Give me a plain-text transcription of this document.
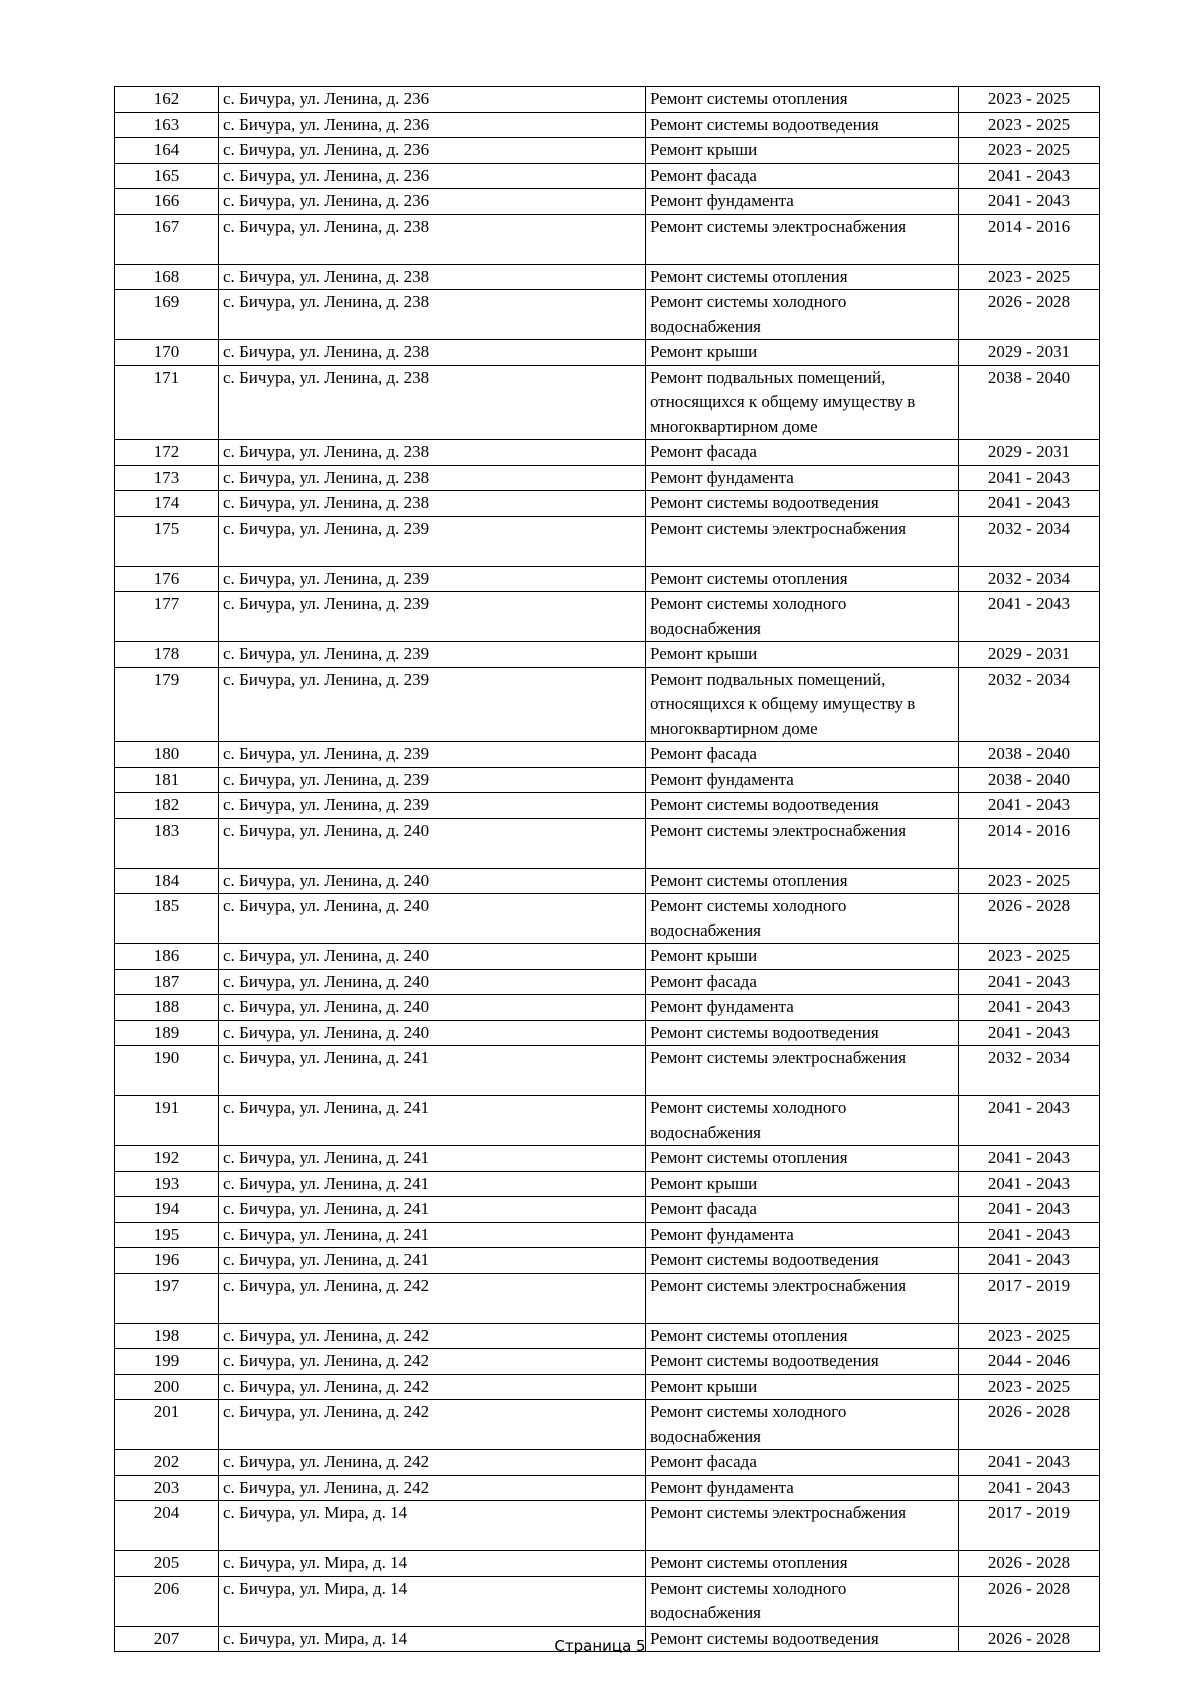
162	с. Бичура, ул. Ленина, д. 236	Ремонт системы отопления	2023 - 2025
163	с. Бичура, ул. Ленина, д. 236	Ремонт системы водоотведения	2023 - 2025
164	с. Бичура, ул. Ленина, д. 236	Ремонт крыши	2023 - 2025
165	с. Бичура, ул. Ленина, д. 236	Ремонт фасада	2041 - 2043
166	с. Бичура, ул. Ленина, д. 236	Ремонт фундамента	2041 - 2043
167	с. Бичура, ул. Ленина, д. 238	Ремонт системы электроснабжения	2014 - 2016
168	с. Бичура, ул. Ленина, д. 238	Ремонт системы отопления	2023 - 2025
169	с. Бичура, ул. Ленина, д. 238	Ремонт системы холодного водоснабжения	2026 - 2028
170	с. Бичура, ул. Ленина, д. 238	Ремонт крыши	2029 - 2031
171	с. Бичура, ул. Ленина, д. 238	Ремонт подвальных помещений, относящихся к общему имуществу в многоквартирном доме	2038 - 2040
172	с. Бичура, ул. Ленина, д. 238	Ремонт фасада	2029 - 2031
173	с. Бичура, ул. Ленина, д. 238	Ремонт фундамента	2041 - 2043
174	с. Бичура, ул. Ленина, д. 238	Ремонт системы водоотведения	2041 - 2043
175	с. Бичура, ул. Ленина, д. 239	Ремонт системы электроснабжения	2032 - 2034
176	с. Бичура, ул. Ленина, д. 239	Ремонт системы отопления	2032 - 2034
177	с. Бичура, ул. Ленина, д. 239	Ремонт системы холодного водоснабжения	2041 - 2043
178	с. Бичура, ул. Ленина, д. 239	Ремонт крыши	2029 - 2031
179	с. Бичура, ул. Ленина, д. 239	Ремонт подвальных помещений, относящихся к общему имуществу в многоквартирном доме	2032 - 2034
180	с. Бичура, ул. Ленина, д. 239	Ремонт фасада	2038 - 2040
181	с. Бичура, ул. Ленина, д. 239	Ремонт фундамента	2038 - 2040
182	с. Бичура, ул. Ленина, д. 239	Ремонт системы водоотведения	2041 - 2043
183	с. Бичура, ул. Ленина, д. 240	Ремонт системы электроснабжения	2014 - 2016
184	с. Бичура, ул. Ленина, д. 240	Ремонт системы отопления	2023 - 2025
185	с. Бичура, ул. Ленина, д. 240	Ремонт системы холодного водоснабжения	2026 - 2028
186	с. Бичура, ул. Ленина, д. 240	Ремонт крыши	2023 - 2025
187	с. Бичура, ул. Ленина, д. 240	Ремонт фасада	2041 - 2043
188	с. Бичура, ул. Ленина, д. 240	Ремонт фундамента	2041 - 2043
189	с. Бичура, ул. Ленина, д. 240	Ремонт системы водоотведения	2041 - 2043
190	с. Бичура, ул. Ленина, д. 241	Ремонт системы электроснабжения	2032 - 2034
191	с. Бичура, ул. Ленина, д. 241	Ремонт системы холодного водоснабжения	2041 - 2043
192	с. Бичура, ул. Ленина, д. 241	Ремонт системы отопления	2041 - 2043
193	с. Бичура, ул. Ленина, д. 241	Ремонт крыши	2041 - 2043
194	с. Бичура, ул. Ленина, д. 241	Ремонт фасада	2041 - 2043
195	с. Бичура, ул. Ленина, д. 241	Ремонт фундамента	2041 - 2043
196	с. Бичура, ул. Ленина, д. 241	Ремонт системы водоотведения	2041 - 2043
197	с. Бичура, ул. Ленина, д. 242	Ремонт системы электроснабжения	2017 - 2019
198	с. Бичура, ул. Ленина, д. 242	Ремонт системы отопления	2023 - 2025
199	с. Бичура, ул. Ленина, д. 242	Ремонт системы водоотведения	2044 - 2046
200	с. Бичура, ул. Ленина, д. 242	Ремонт крыши	2023 - 2025
201	с. Бичура, ул. Ленина, д. 242	Ремонт системы холодного водоснабжения	2026 - 2028
202	с. Бичура, ул. Ленина, д. 242	Ремонт фасада	2041 - 2043
203	с. Бичура, ул. Ленина, д. 242	Ремонт фундамента	2041 - 2043
204	с. Бичура, ул. Мира, д. 14	Ремонт системы электроснабжения	2017 - 2019
205	с. Бичура, ул. Мира, д. 14	Ремонт системы отопления	2026 - 2028
206	с. Бичура, ул. Мира, д. 14	Ремонт системы холодного водоснабжения	2026 - 2028
207	с. Бичура, ул. Мира, д. 14	Ремонт системы водоотведения	2026 - 2028
Страница 5
